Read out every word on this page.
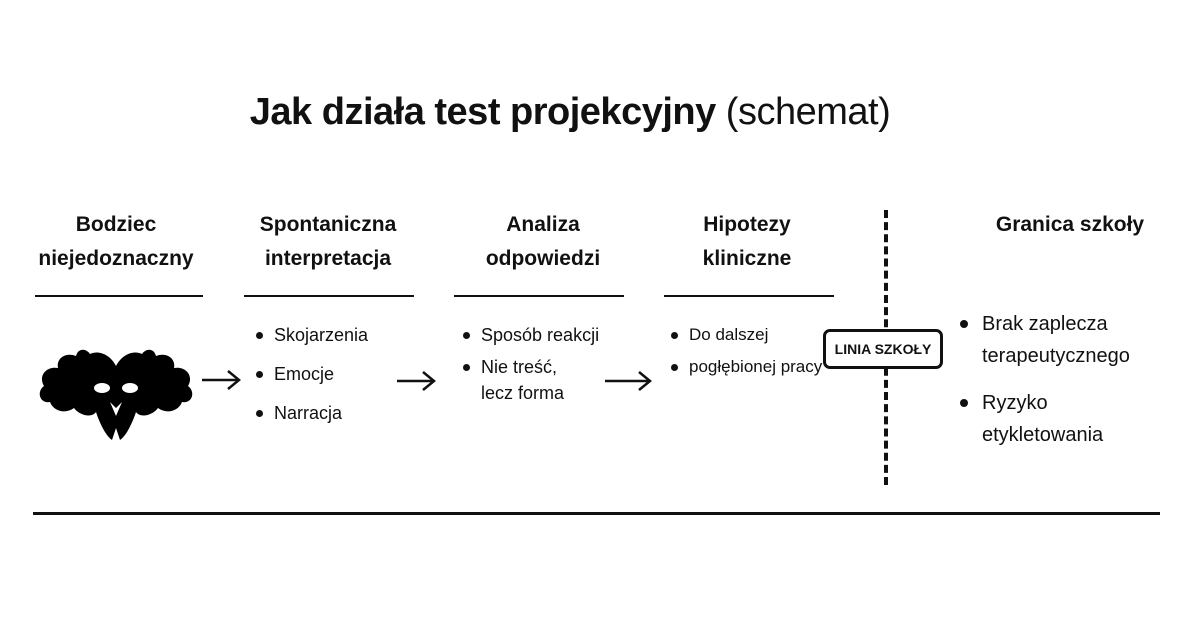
Jak działa test projekcyjny (schemat)
Bodziec
niejedoznaczny
Spontaniczna
interpretacja
Skojarzenia
Emocje
Narracja
Analiza
odpowiedzi
Sposób reakcji
Nie treść,
lecz forma
Hipotezy
kliniczne
Do dalszej
pogłębionej pracy
LINIA SZKOŁY
Granica szkoły
Brak zaplecza
terapeutycznego
Ryzyko
etykletowania
